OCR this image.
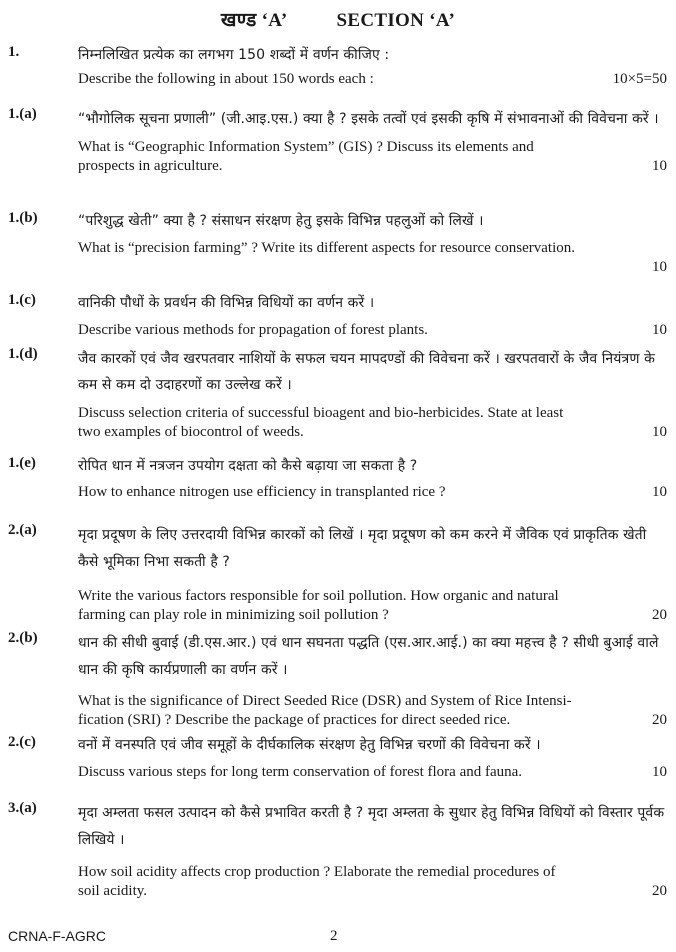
खण्ड ‘A’	SECTION ‘A’
1.	निम्नलिखित प्रत्येक का लगभग 150 शब्दों में वर्णन कीजिए :

Describe the following in about 150 words each :	10×5=50
1.(a)	“भौगोलिक सूचना प्रणाली” (जी.आइ.एस.) क्या है ? इसके तत्वों एवं इसकी कृषि में संभावनाओं की विवेचना करें ।

What is “Geographic Information System” (GIS) ? Discuss its elements and
prospects in agriculture.	10
1.(b)	“परिशुद्ध खेती” क्या है ? संसाधन संरक्षण हेतु इसके विभिन्न पहलुओं को लिखें ।

What is “precision farming” ? Write its different aspects for resource conservation.
10
1.(c)	वानिकी पौधों के प्रवर्धन की विभिन्न विधियों का वर्णन करें ।

Describe various methods for propagation of forest plants.	10
1.(d)	जैव कारकों एवं जैव खरपतवार नाशियों के सफल चयन मापदण्डों की विवेचना करें । खरपतवारों के जैव नियंत्रण के कम से कम दो उदाहरणों का उल्लेख करें ।

Discuss selection criteria of successful bioagent and bio-herbicides. State at least
two examples of biocontrol of weeds.	10
1.(e)	रोपित धान में नत्रजन उपयोग दक्षता को कैसे बढ़ाया जा सकता है ?

How to enhance nitrogen use efficiency in transplanted rice ?	10
2.(a)	मृदा प्रदूषण के लिए उत्तरदायी विभिन्न कारकों को लिखें । मृदा प्रदूषण को कम करने में जैविक एवं प्राकृतिक खेती कैसे भूमिका निभा सकती है ?

Write the various factors responsible for soil pollution. How organic and natural
farming can play role in minimizing soil pollution ?	20
2.(b)	धान की सीधी बुवाई (डी.एस.आर.) एवं धान सघनता पद्धति (एस.आर.आई.) का क्या महत्त्व है ? सीधी बुआई वाले धान की कृषि कार्यप्रणाली का वर्णन करें ।

What is the significance of Direct Seeded Rice (DSR) and System of Rice Intensi-
fication (SRI) ? Describe the package of practices for direct seeded rice.	20
2.(c)	वनों में वनस्पति एवं जीव समूहों के दीर्घकालिक संरक्षण हेतु विभिन्न चरणों की विवेचना करें ।

Discuss various steps for long term conservation of forest flora and fauna.	10
3.(a)	मृदा अम्लता फसल उत्पादन को कैसे प्रभावित करती है ? मृदा अम्लता के सुधार हेतु विभिन्न विधियों को विस्तार पूर्वक लिखिये ।

How soil acidity affects crop production ? Elaborate the remedial procedures of
soil acidity.	20
CRNA-F-AGRC	2
